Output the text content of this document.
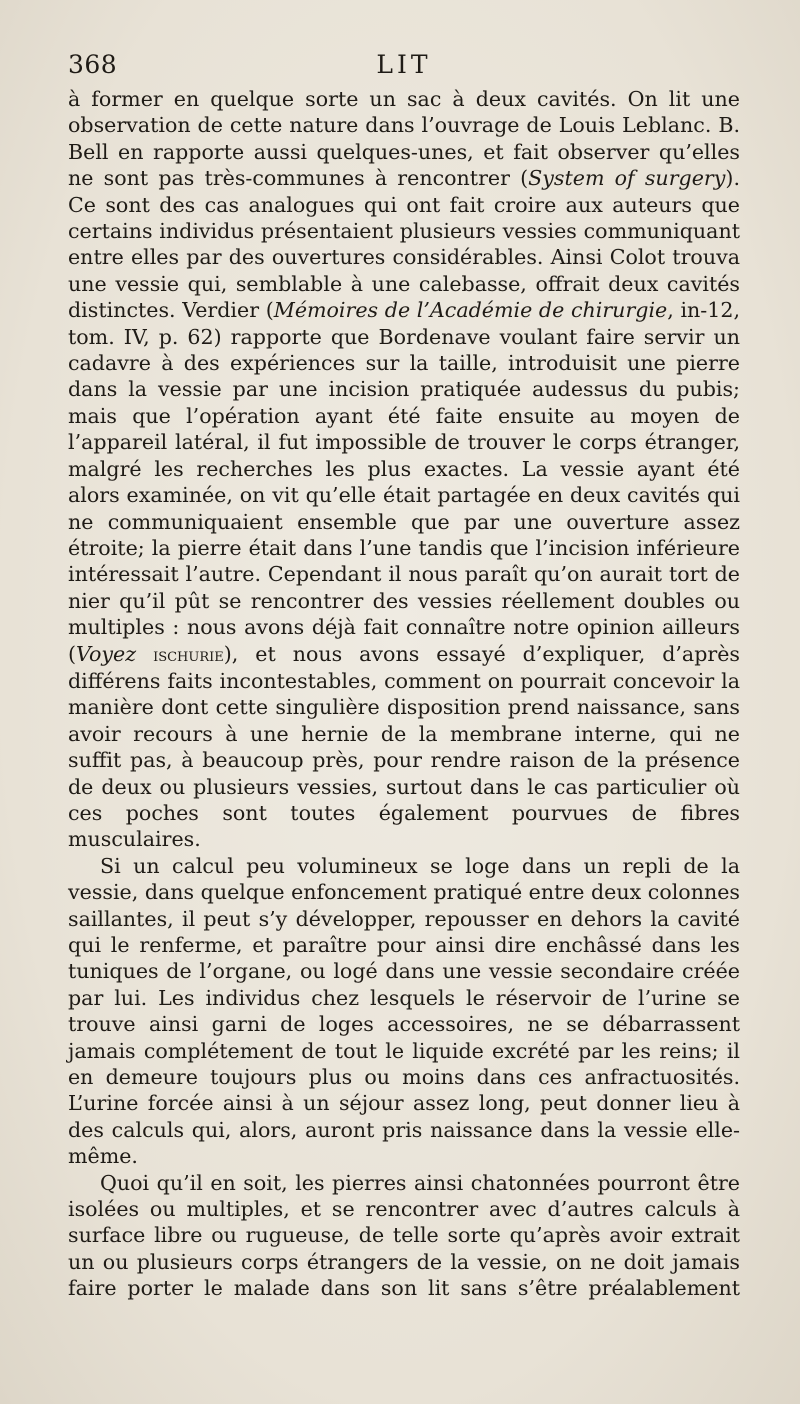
368	LIT

à former en quelque sorte un sac à deux cavités. On lit une observation de cette nature dans l’ouvrage de Louis Leblanc. B. Bell en rapporte aussi quelques-unes, et fait observer qu’elles ne sont pas très-communes à rencontrer (System of surgery). Ce sont des cas analogues qui ont fait croire aux auteurs que certains individus présentaient plusieurs vessies communiquant entre elles par des ouvertures considérables. Ainsi Colot trouva une vessie qui, semblable à une calebasse, offrait deux cavités distinctes. Verdier (Mémoires de l’Académie de chirurgie, in-12, tom. IV, p. 62) rapporte que Bordenave voulant faire servir un cadavre à des expériences sur la taille, introduisit une pierre dans la vessie par une incision pratiquée audessus du pubis; mais que l’opération ayant été faite ensuite au moyen de l’appareil latéral, il fut impossible de trouver le corps étranger, malgré les recherches les plus exactes. La vessie ayant été alors examinée, on vit qu’elle était partagée en deux cavités qui ne communiquaient ensemble que par une ouverture assez étroite; la pierre était dans l’une tandis que l’incision inférieure intéressait l’autre. Cependant il nous paraît qu’on aurait tort de nier qu’il pût se rencontrer des vessies réellement doubles ou multiples : nous avons déjà fait connaître notre opinion ailleurs (Voyez ischurie), et nous avons essayé d’expliquer, d’après différens faits incontestables, comment on pourrait concevoir la manière dont cette singulière disposition prend naissance, sans avoir recours à une hernie de la membrane interne, qui ne suffit pas, à beaucoup près, pour rendre raison de la présence de deux ou plusieurs vessies, surtout dans le cas particulier où ces poches sont toutes également pourvues de fibres musculaires.

Si un calcul peu volumineux se loge dans un repli de la vessie, dans quelque enfoncement pratiqué entre deux colonnes saillantes, il peut s’y développer, repousser en dehors la cavité qui le renferme, et paraître pour ainsi dire enchâssé dans les tuniques de l’organe, ou logé dans une vessie secondaire créée par lui. Les individus chez lesquels le réservoir de l’urine se trouve ainsi garni de loges accessoires, ne se débarrassent jamais complétement de tout le liquide excrété par les reins; il en demeure toujours plus ou moins dans ces anfractuosités. L’urine forcée ainsi à un séjour assez long, peut donner lieu à des calculs qui, alors, auront pris naissance dans la vessie elle-même.

Quoi qu’il en soit, les pierres ainsi chatonnées pourront être isolées ou multiples, et se rencontrer avec d’autres calculs à surface libre ou rugueuse, de telle sorte qu’après avoir extrait un ou plusieurs corps étrangers de la vessie, on ne doit jamais faire porter le malade dans son lit sans s’être préalablement
